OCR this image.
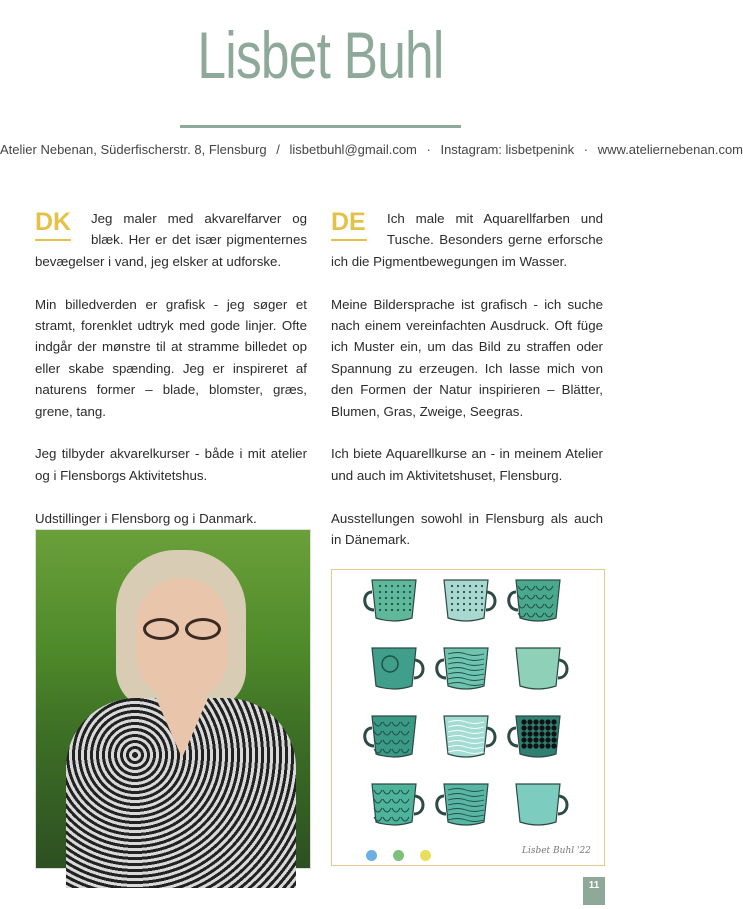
Lisbet Buhl
Atelier Nebenan, Süderfischerstr. 8, Flensburg / lisbetbuhl@gmail.com · Instagram: lisbetpenink · www.ateliernebenan.com
DK	Jeg maler med akvarelfarver og blæk. Her er det især pigmenternes bevægelser i vand, jeg elsker at udforske.

Min billedverden er grafisk - jeg søger et stramt, forenklet udtryk med gode linjer. Ofte indgår der mønstre til at stramme billedet op eller skabe spænding. Jeg er inspireret af naturens former – blade, blomster, græs, grene, tang.

Jeg tilbyder akvarelkurser - både i mit atelier og i Flensborgs Aktivitetshus.

Udstillinger i Flensborg og i Danmark.

DE	Ich male mit Aquarellfarben und Tusche. Besonders gerne erforsche ich die Pigmentbewegungen im Wasser.

Meine Bildersprache ist grafisch - ich suche nach einem vereinfachten Ausdruck. Oft füge ich Muster ein, um das Bild zu straffen oder Spannung zu erzeugen. Ich lasse mich von den Formen der Natur inspirieren – Blätter, Blumen, Gras, Zweige, Seegras.

Ich biete Aquarellkurse an - in meinem Atelier und auch im Aktivitetshuset, Flensburg.

Ausstellungen sowohl in Flensburg als auch in Dänemark.

Lisbet Buhl '22
11
